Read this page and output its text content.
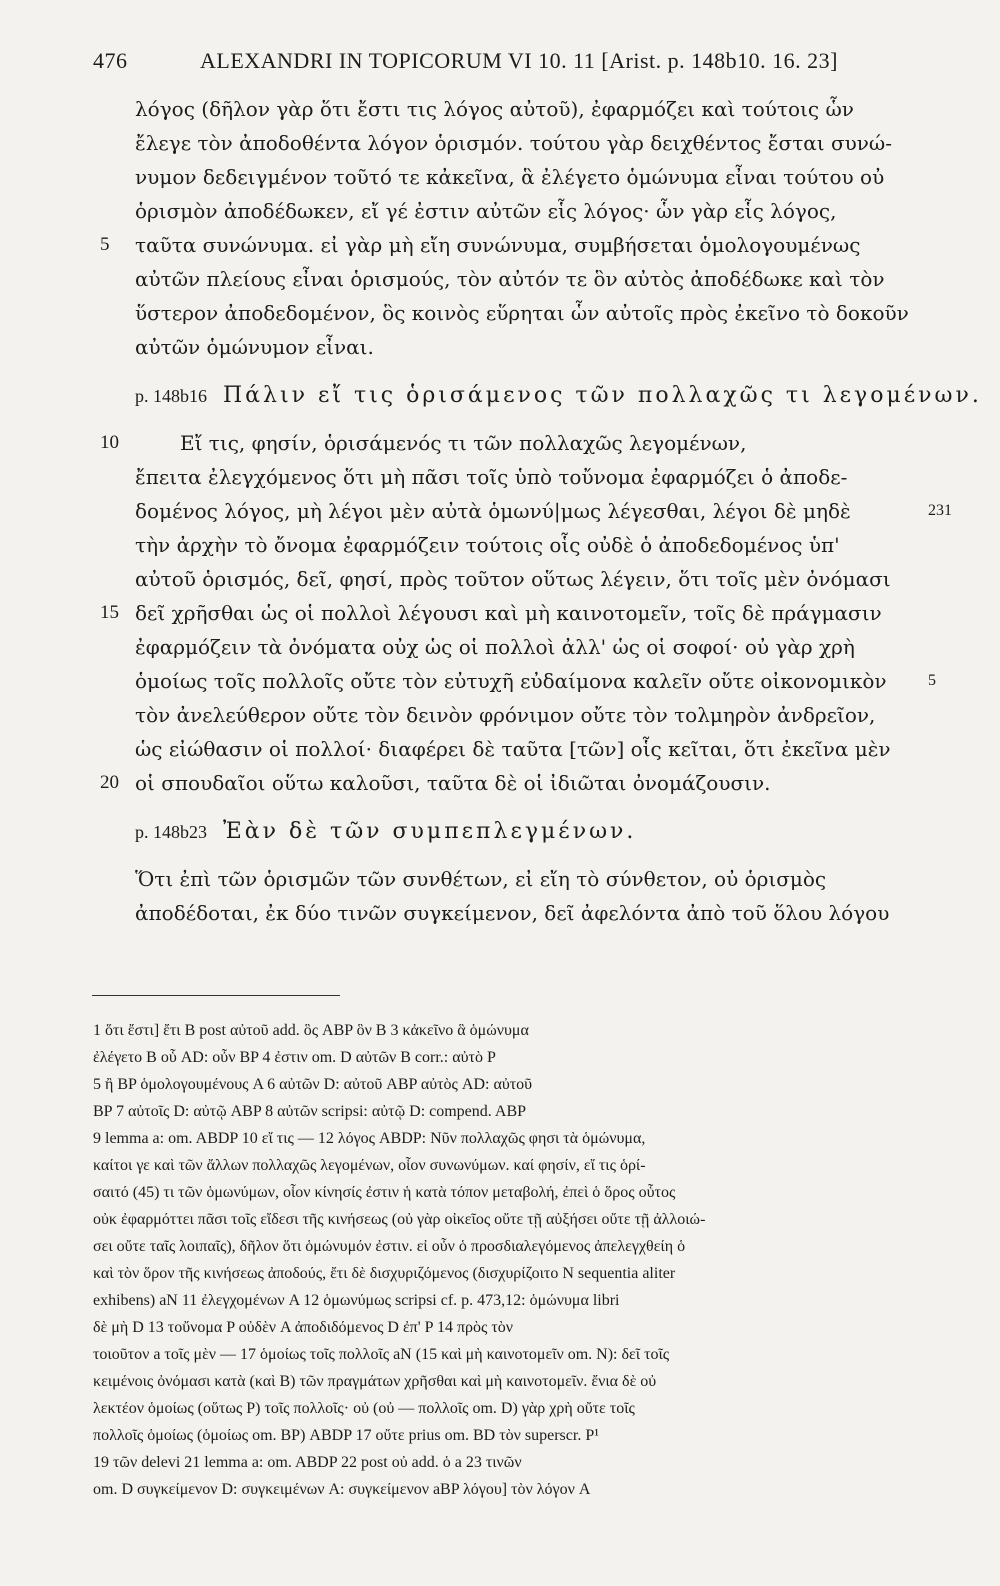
476	ALEXANDRI IN TOPICORUM VI 10. 11 [Arist. p. 148b10. 16. 23]
λόγος (δῆλον γὰρ ὅτι ἔστι τις λόγος αὐτοῦ), ἐφαρμόζει καὶ τούτοις ὧν
ἔλεγε τὸν ἀποδοθέντα λόγον ὁρισμόν. τούτου γὰρ δειχθέντος ἔσται συνώ-
νυμον δεδειγμένον τοῦτό τε κἀκεῖνα, ἃ ἐλέγετο ὁμώνυμα εἶναι τούτου οὐ
ὁρισμὸν ἀποδέδωκεν, εἴ γέ ἐστιν αὐτῶν εἷς λόγος· ὧν γὰρ εἷς λόγος,
5	ταῦτα συνώνυμα. εἰ γὰρ μὴ εἴη συνώνυμα, συμβήσεται ὁμολογουμένως
αὐτῶν πλείους εἶναι ὁρισμούς, τὸν αὐτόν τε ὃν αὐτὸς ἀποδέδωκε καὶ τὸν
ὕστερον ἀποδεδομένον, ὃς κοινὸς εὕρηται ὧν αὐτοῖς πρὸς ἐκεῖνο τὸ δοκοῦν
αὐτῶν ὁμώνυμον εἶναι.
p. 148b16 Πάλιν εἴ τις ὁρισάμενος τῶν πολλαχῶς τι λεγομένων.
10	Εἴ τις, φησίν, ὁρισάμενός τι τῶν πολλαχῶς λεγομένων,
ἔπειτα ἐλεγχόμενος ὅτι μὴ πᾶσι τοῖς ὑπὸ τοὔνομα ἐφαρμόζει ὁ ἀποδε-
δομένος λόγος, μὴ λέγοι μὲν αὐτὰ ὁμωνύ|μως λέγεσθαι, λέγοι δὲ μηδὲ	231
τὴν ἀρχὴν τὸ ὄνομα ἐφαρμόζειν τούτοις οἷς οὐδὲ ὁ ἀποδεδομένος ὑπ'
αὐτοῦ ὁρισμός, δεῖ, φησί, πρὸς τοῦτον οὕτως λέγειν, ὅτι τοῖς μὲν ὀνόμασι
15 δεῖ χρῆσθαι ὡς οἱ πολλοὶ λέγουσι καὶ μὴ καινοτομεῖν, τοῖς δὲ πράγμασιν
ἐφαρμόζειν τὰ ὀνόματα οὐχ ὡς οἱ πολλοὶ ἀλλ' ὡς οἱ σοφοί· οὐ γὰρ χρὴ
ὁμοίως τοῖς πολλοῖς οὔτε τὸν εὐτυχῆ εὐδαίμονα καλεῖν οὔτε οἰκονομικὸν	5
τὸν ἀνελεύθερον οὔτε τὸν δεινὸν φρόνιμον οὔτε τὸν τολμηρὸν ἀνδρεῖον,
ὡς εἰώθασιν οἱ πολλοί· διαφέρει δὲ ταῦτα [τῶν] οἷς κεῖται, ὅτι ἐκεῖνα μὲν
20 οἱ σπουδαῖοι οὕτω καλοῦσι, ταῦτα δὲ οἱ ἰδιῶται ὀνομάζουσιν.
p. 148b23 Ἐὰν δὲ τῶν συμπεπλεγμένων.
Ὅτι ἐπὶ τῶν ὁρισμῶν τῶν συνθέτων, εἰ εἴη τὸ σύνθετον, οὐ ὁρισμὸς
ἀποδέδοται, ἐκ δύο τινῶν συγκείμενον, δεῖ ἀφελόντα ἀπὸ τοῦ ὅλου λόγου
1 ὅτι ἔστι] ἔτι B post αὐτοῦ add. ὃς ABP ὃν B 3 κἀκεῖνο ἃ ὁμώνυμα
ἐλέγετο B οὗ AD: οὖν BP 4 ἐστιν om. D αὐτῶν B corr.: αὐτὸ P
5 ἢ BP ὁμολογουμένους A 6 αὐτῶν D: αὐτοῦ ABP αὐτὸς AD: αὐτοῦ
BP 7 αὐτοῖς D: αὐτῷ ABP 8 αὐτῶν scripsi: αὐτῷ D: compend. ABP
9 lemma a: om. ABDP 10 εἴ τις — 12 λόγος ABDP: Νῦν πολλαχῶς φησι τὰ ὁμώνυμα,
καίτοι γε καὶ τῶν ἄλλων πολλαχῶς λεγομένων, οἷον συνωνύμων. καί φησίν, εἴ τις ὁρί-
σαιτό (45) τι τῶν ὁμωνύμων, οἷον κίνησίς ἐστιν ἡ κατὰ τόπον μεταβολή, ἐπεὶ ὁ ὅρος οὗτος
οὐκ ἐφαρμόττει πᾶσι τοῖς εἴδεσι τῆς κινήσεως (οὐ γὰρ οἰκεῖος οὔτε τῇ αὐξήσει οὔτε τῇ ἀλλοιώ-
σει οὔτε ταῖς λοιπαῖς), δῆλον ὅτι ὁμώνυμόν ἐστιν. εἰ οὖν ὁ προσδιαλεγόμενος ἀπελεγχθείη ὁ
καὶ τὸν ὅρον τῆς κινήσεως ἀποδούς, ἔτι δὲ δισχυριζόμενος (δισχυρίζοιτο N sequentia aliter
exhibens) aN 11 ἐλεγχομένων A 12 ὁμωνύμως scripsi cf. p. 473,12: ὁμώνυμα libri
δὲ μὴ D 13 τοὔνομα P οὐδὲν A ἀποδιδόμενος D ἐπ' P 14 πρὸς τὸν
τοιοῦτον a τοῖς μὲν — 17 ὁμοίως τοῖς πολλοῖς aN (15 καὶ μὴ καινοτομεῖν om. N): δεῖ τοῖς
κειμένοις ὀνόμασι κατὰ (καὶ B) τῶν πραγμάτων χρῆσθαι καὶ μὴ καινοτομεῖν. ἔνια δὲ οὐ
λεκτέον ὁμοίως (οὕτως P) τοῖς πολλοῖς· οὐ (οὐ — πολλοῖς om. D) γὰρ χρὴ οὔτε τοῖς
πολλοῖς ὁμοίως (ὁμοίως om. BP) ABDP 17 οὔτε prius om. BD τὸν superscr. P¹
19 τῶν delevi 21 lemma a: om. ABDP 22 post οὐ add. ὁ a 23 τινῶν
om. D συγκείμενον D: συγκειμένων A: συγκείμενον aBP λόγου] τὸν λόγον A
